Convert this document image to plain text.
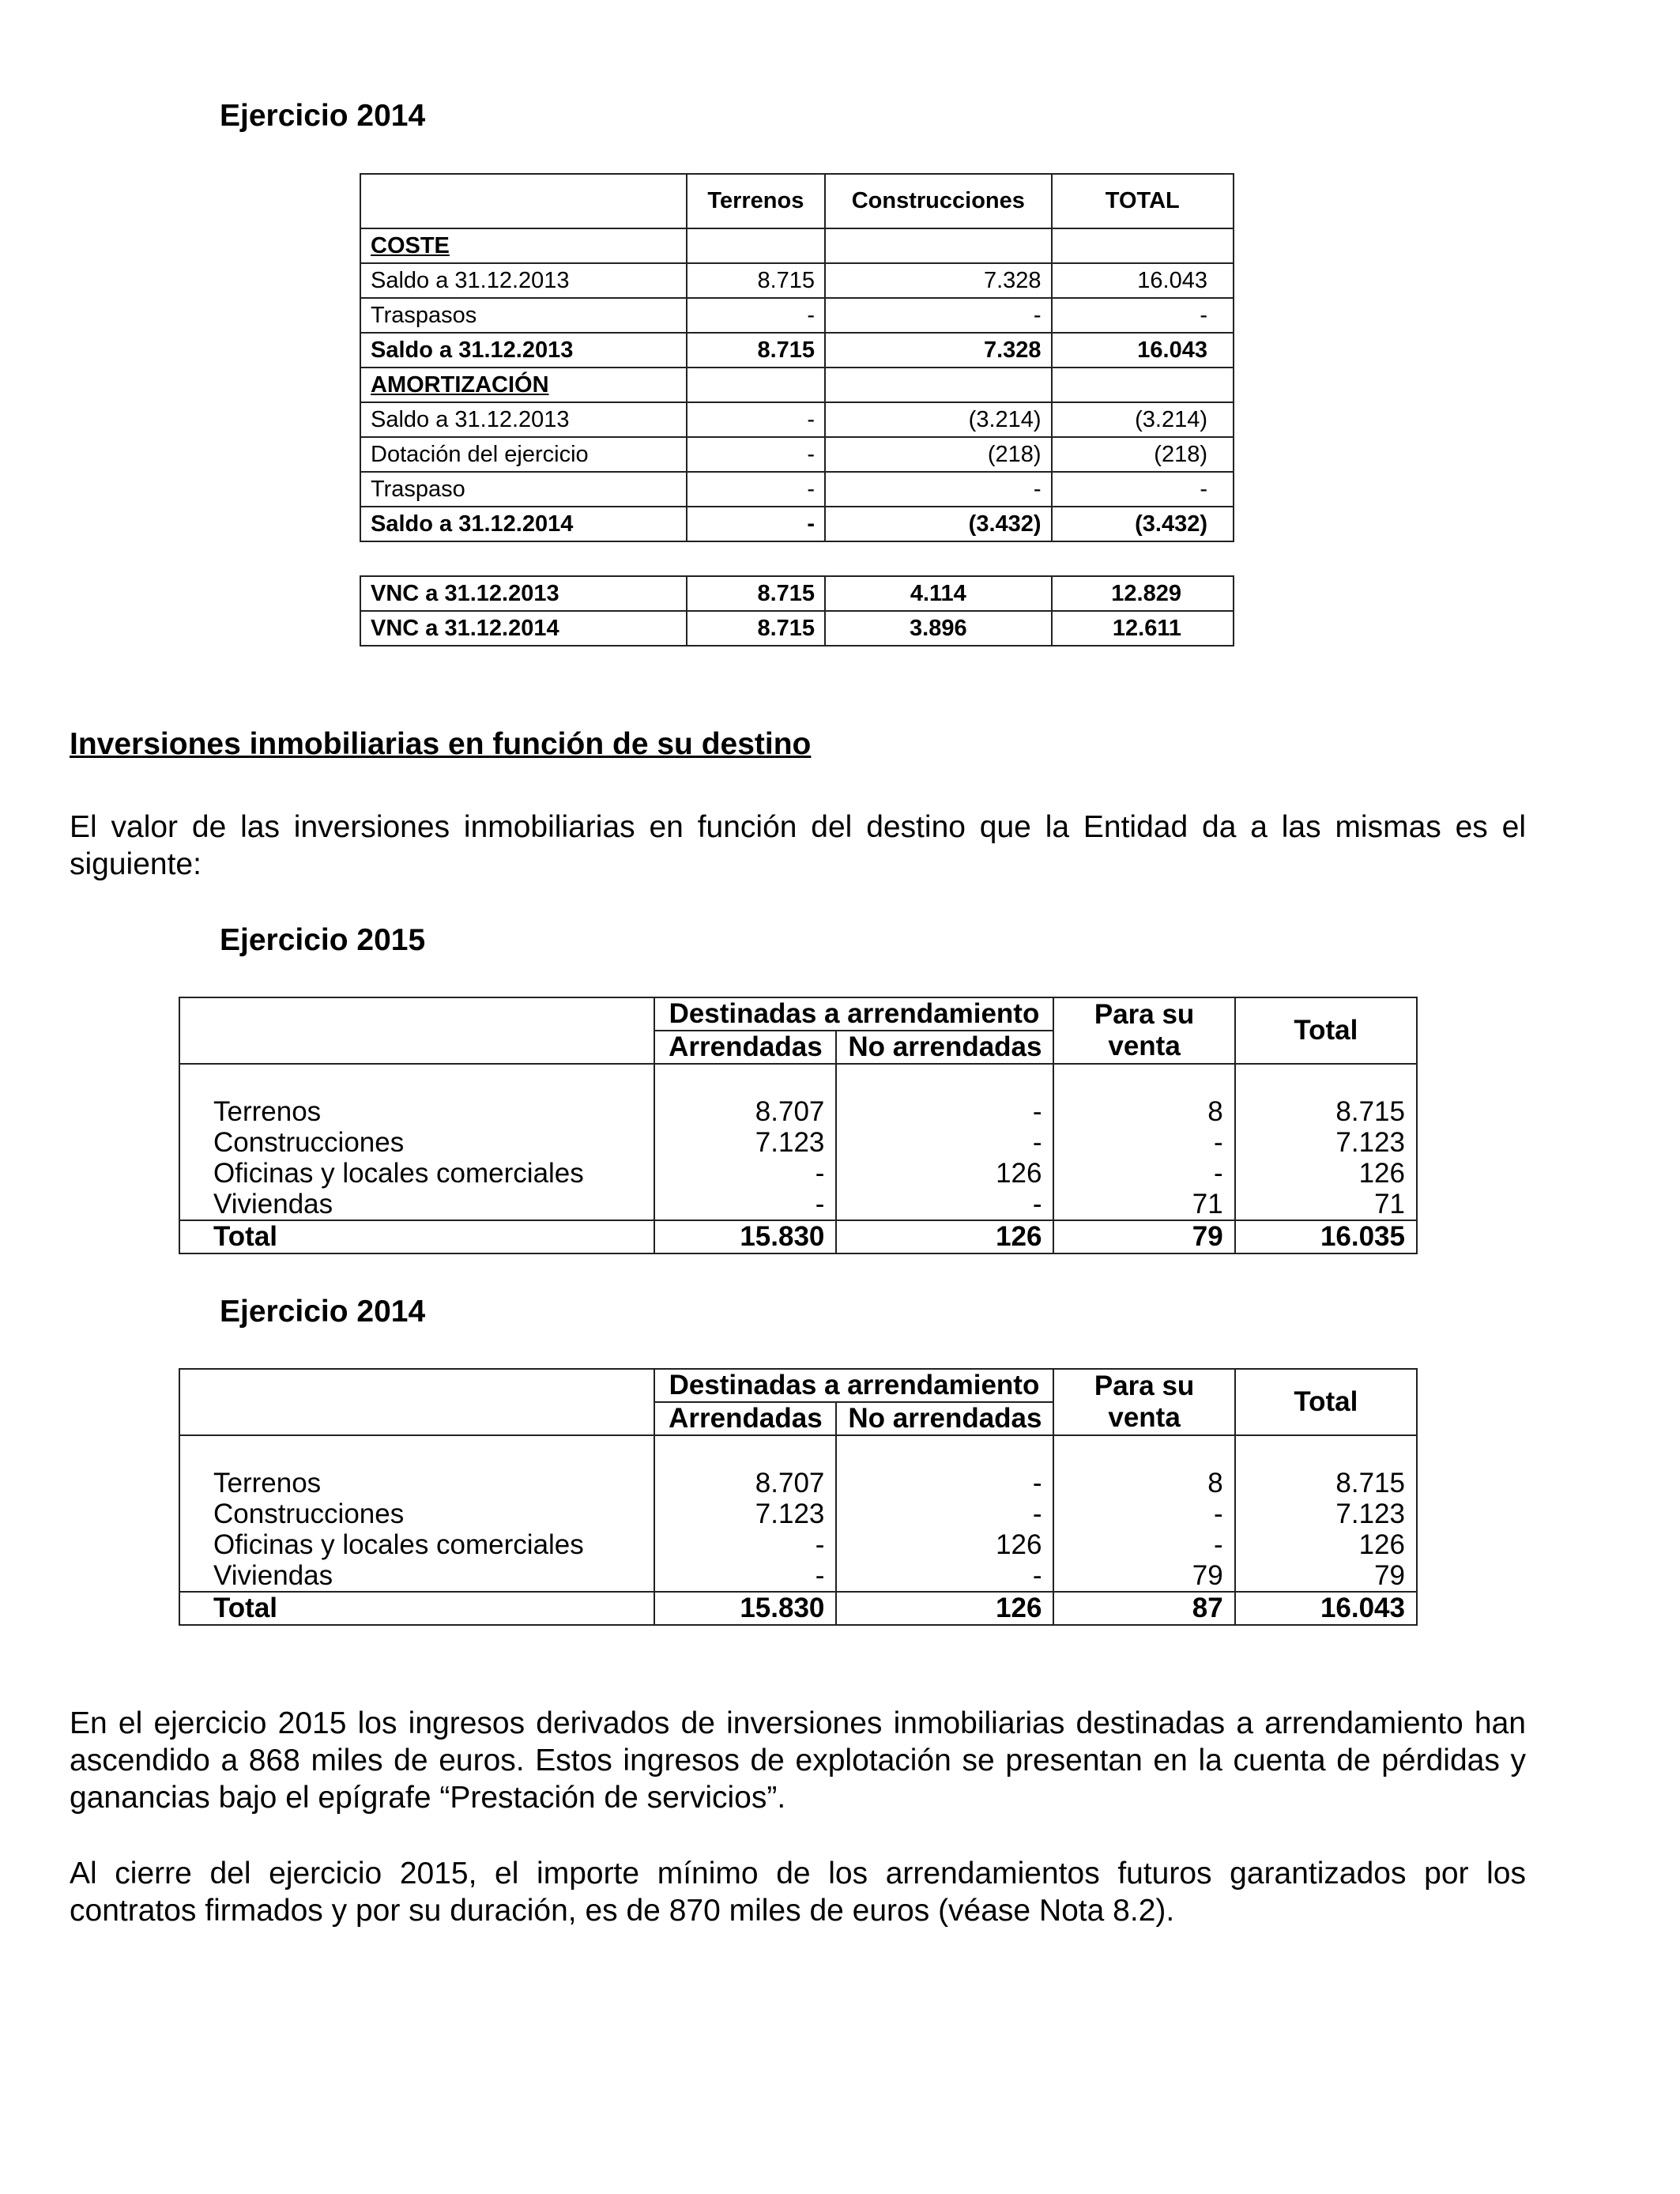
Ejercicio 2014
	Terrenos	Construcciones	TOTAL
COSTE			
Saldo a 31.12.2013	8.715	7.328	16.043
Traspasos	-	-	-
Saldo a 31.12.2013	8.715	7.328	16.043
AMORTIZACIÓN			
Saldo a 31.12.2013	-	(3.214)	(3.214)
Dotación del ejercicio	-	(218)	(218)
Traspaso	-	-	-
Saldo a 31.12.2014	-	(3.432)	(3.432)

VNC a 31.12.2013	8.715	4.114	12.829
VNC a 31.12.2014	8.715	3.896	12.611
Inversiones inmobiliarias en función de su destino

El valor de las inversiones inmobiliarias en función del destino que la Entidad da a las mismas es el siguiente:

Ejercicio 2015
	Destinadas a arrendamiento		Para su venta	Total
	Arrendadas	No arrendadas		

Terrenos	8.707	-	8	8.715
Construcciones	7.123	-	-	7.123
Oficinas y locales comerciales	-	126	-	126
Viviendas	-	-	71	71
Total	15.830	126	79	16.035
Ejercicio 2014
	Destinadas a arrendamiento		Para su venta	Total
	Arrendadas	No arrendadas		

Terrenos	8.707	-	8	8.715
Construcciones	7.123	-	-	7.123
Oficinas y locales comerciales	-	126	-	126
Viviendas	-	-	79	79
Total	15.830	126	87	16.043

En el ejercicio 2015 los ingresos derivados de inversiones inmobiliarias destinadas a arrendamiento han ascendido a 868 miles de euros. Estos ingresos de explotación se presentan en la cuenta de pérdidas y ganancias bajo el epígrafe “Prestación de servicios”.

Al cierre del ejercicio 2015, el importe mínimo de los arrendamientos futuros garantizados por los contratos firmados y por su duración, es de 870 miles de euros (véase Nota 8.2).
